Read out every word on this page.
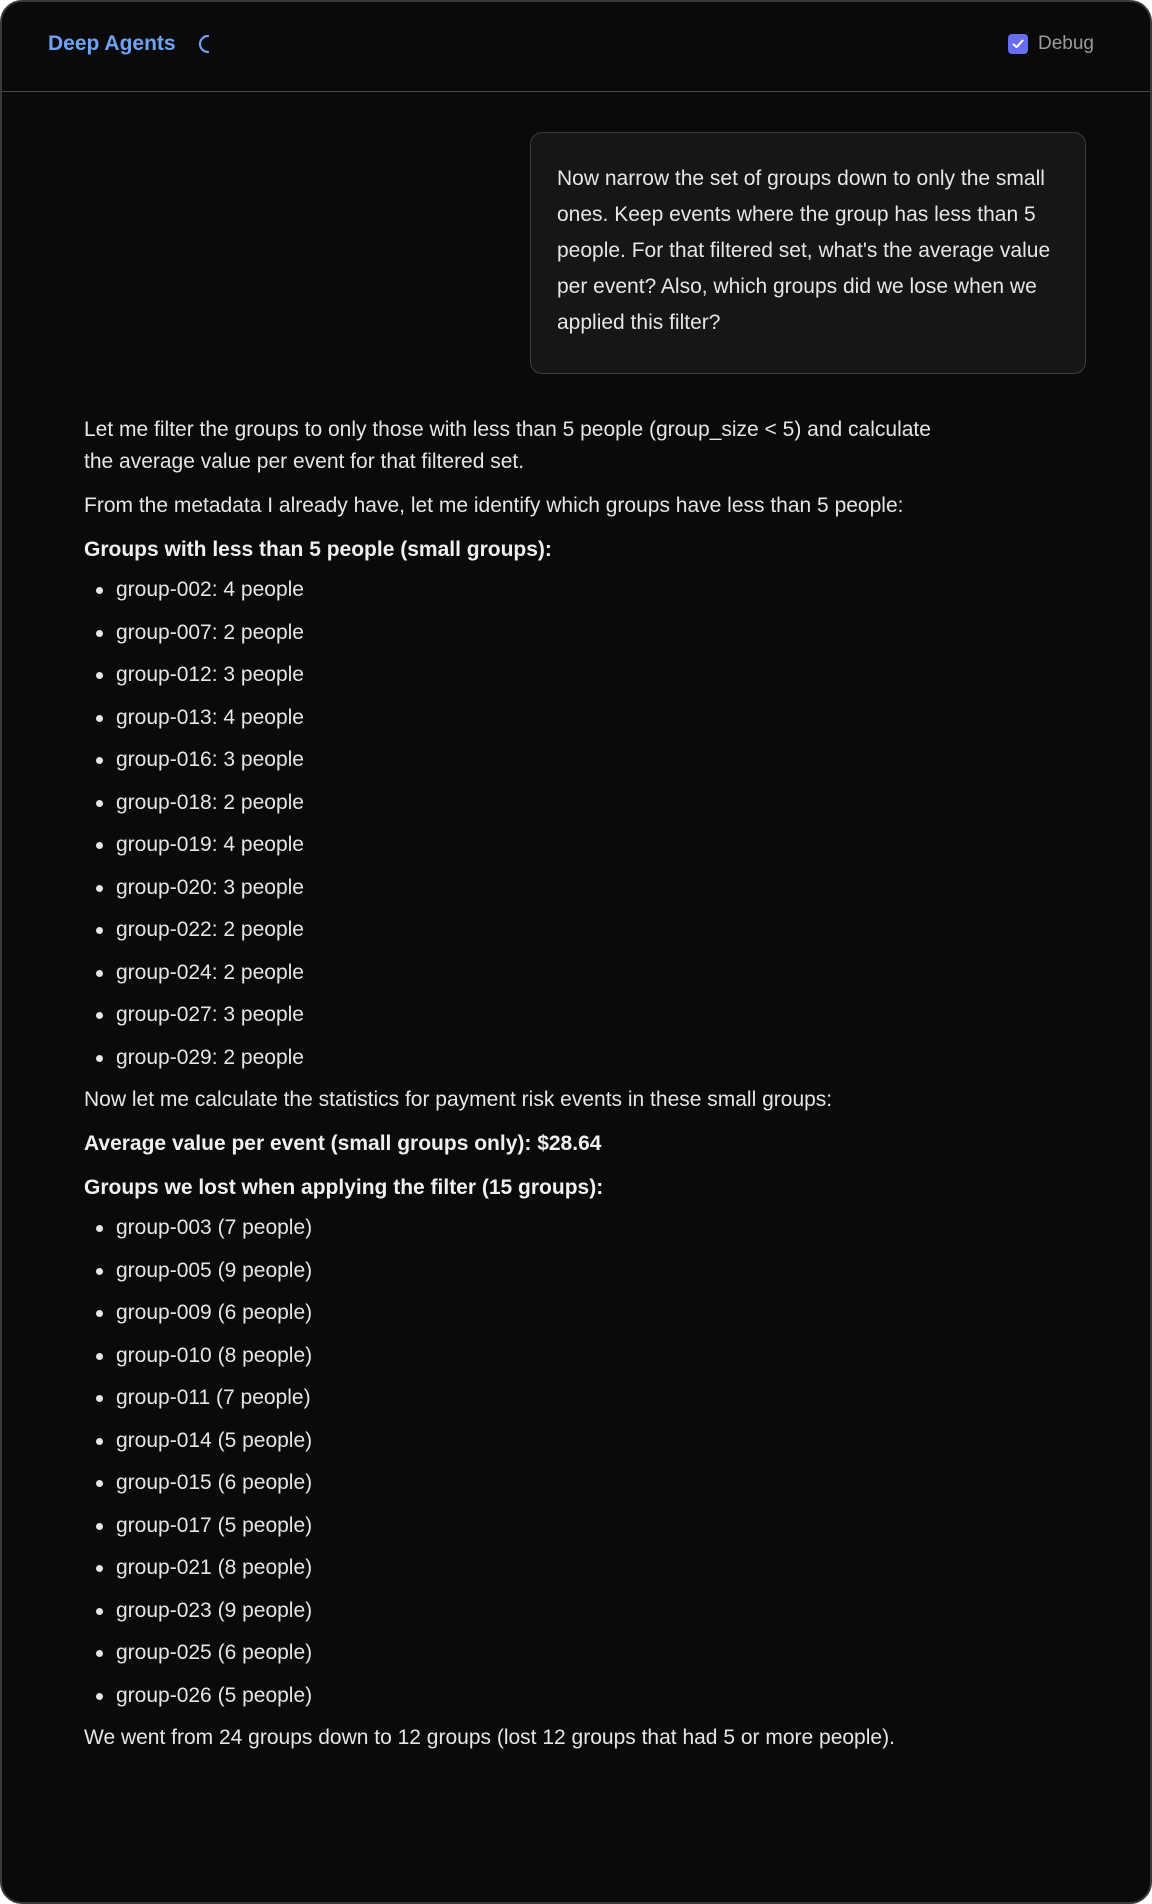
Deep Agents	Debug
Now narrow the set of groups down to only the small ones. Keep events where the group has less than 5 people. For that filtered set, what's the average value per event? Also, which groups did we lose when we applied this filter?

Let me filter the groups to only those with less than 5 people (group_size < 5) and calculate the average value per event for that filtered set.

From the metadata I already have, let me identify which groups have less than 5 people:

Groups with less than 5 people (small groups):

group-002: 4 people
group-007: 2 people
group-012: 3 people
group-013: 4 people
group-016: 3 people
group-018: 2 people
group-019: 4 people
group-020: 3 people
group-022: 2 people
group-024: 2 people
group-027: 3 people
group-029: 2 people

Now let me calculate the statistics for payment risk events in these small groups:

Average value per event (small groups only): $28.64

Groups we lost when applying the filter (15 groups):

group-003 (7 people)
group-005 (9 people)
group-009 (6 people)
group-010 (8 people)
group-011 (7 people)
group-014 (5 people)
group-015 (6 people)
group-017 (5 people)
group-021 (8 people)
group-023 (9 people)
group-025 (6 people)
group-026 (5 people)

We went from 24 groups down to 12 groups (lost 12 groups that had 5 or more people).
